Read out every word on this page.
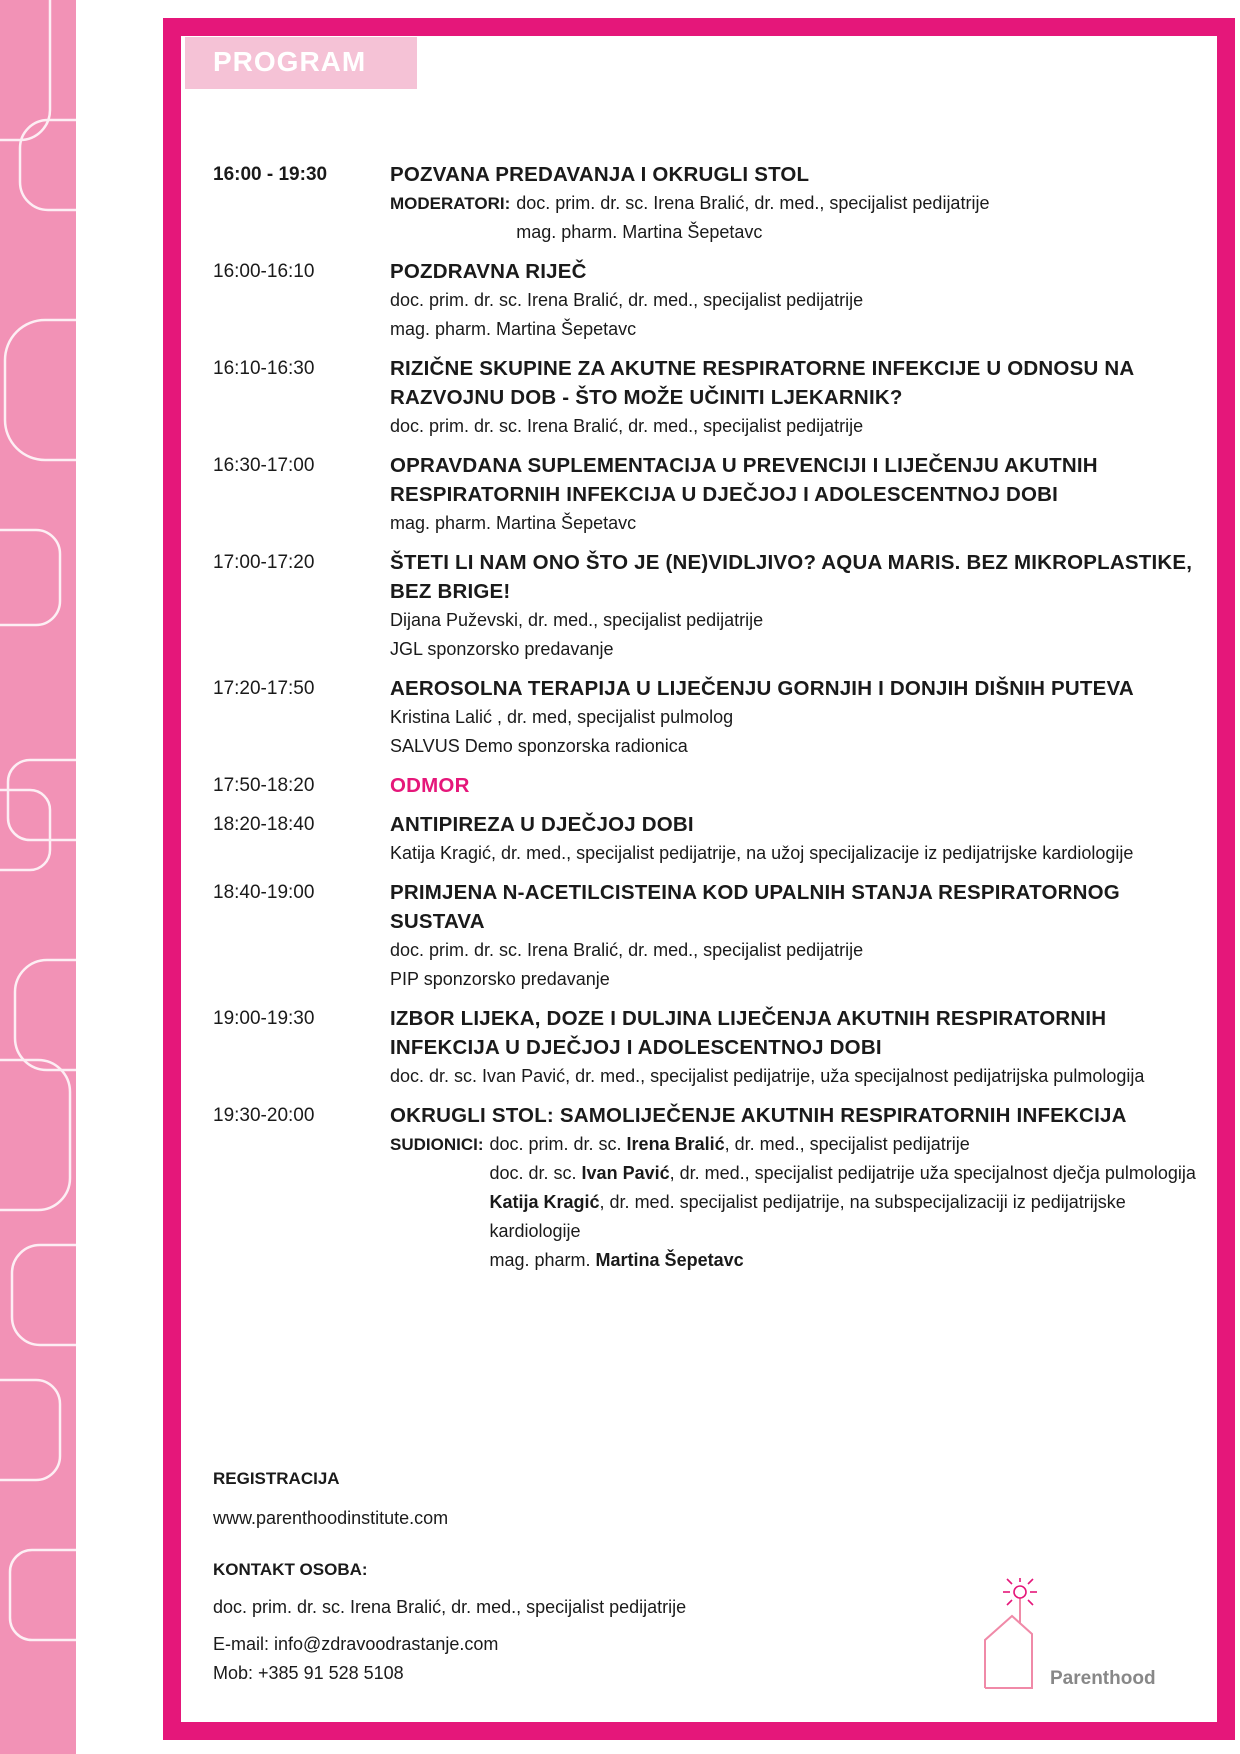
PROGRAM
16:00 - 19:30	POZVANA PREDAVANJA I OKRUGLI STOL
MODERATORI: doc. prim. dr. sc. Irena Bralić, dr. med., specijalist pedijatrije
mag. pharm. Martina Šepetavc
16:00-16:10	POZDRAVNA RIJEČ
doc. prim. dr. sc. Irena Bralić, dr. med., specijalist pedijatrije
mag. pharm. Martina Šepetavc
16:10-16:30	RIZIČNE SKUPINE ZA AKUTNE RESPIRATORNE INFEKCIJE U ODNOSU NA RAZVOJNU DOB - ŠTO MOŽE UČINITI LJEKARNIK?
doc. prim. dr. sc. Irena Bralić, dr. med., specijalist pedijatrije
16:30-17:00	OPRAVDANA SUPLEMENTACIJA U PREVENCIJI I LIJEČENJU AKUTNIH RESPIRATORNIH INFEKCIJA U DJEČJOJ I ADOLESCENTNOJ DOBI
mag. pharm. Martina Šepetavc
17:00-17:20	ŠTETI LI NAM ONO ŠTO JE (NE)VIDLJIVO? AQUA MARIS. BEZ MIKROPLASTIKE, BEZ BRIGE!
Dijana Puževski, dr. med., specijalist pedijatrije
JGL sponzorsko predavanje
17:20-17:50	AEROSOLNA TERAPIJA U LIJEČENJU GORNJIH I DONJIH DIŠNIH PUTEVA
Kristina Lalić , dr. med, specijalist pulmolog
SALVUS Demo sponzorska radionica
17:50-18:20	ODMOR
18:20-18:40	ANTIPIREZA U DJEČJOJ DOBI
Katija Kragić, dr. med., specijalist pedijatrije, na užoj specijalizacije iz pedijatrijske kardiologije
18:40-19:00	PRIMJENA N-ACETILCISTEINA KOD UPALNIH STANJA RESPIRATORNOG SUSTAVA
doc. prim. dr. sc. Irena Bralić, dr. med., specijalist pedijatrije
PIP sponzorsko predavanje
19:00-19:30	IZBOR LIJEKA, DOZE I DULJINA LIJEČENJA AKUTNIH RESPIRATORNIH INFEKCIJA U DJEČJOJ I ADOLESCENTNOJ DOBI
doc. dr. sc. Ivan Pavić, dr. med., specijalist pedijatrije, uža specijalnost pedijatrijska pulmologija
19:30-20:00	OKRUGLI STOL: SAMOLIJEČENJE AKUTNIH RESPIRATORNIH INFEKCIJA
SUDIONICI: doc. prim. dr. sc. Irena Bralić, dr. med., specijalist pedijatrije
doc. dr. sc. Ivan Pavić, dr. med., specijalist pedijatrije uža specijalnost dječja pulmologija
Katija Kragić, dr. med. specijalist pedijatrije, na subspecijalizaciji iz pedijatrijske kardiologije
mag. pharm. Martina Šepetavc
REGISTRACIJA
www.parenthoodinstitute.com
KONTAKT OSOBA:
doc. prim. dr. sc. Irena Bralić, dr. med., specijalist pedijatrije
E-mail: info@zdravoodrastanje.com
Mob: +385 91 528 5108	Parenthood
